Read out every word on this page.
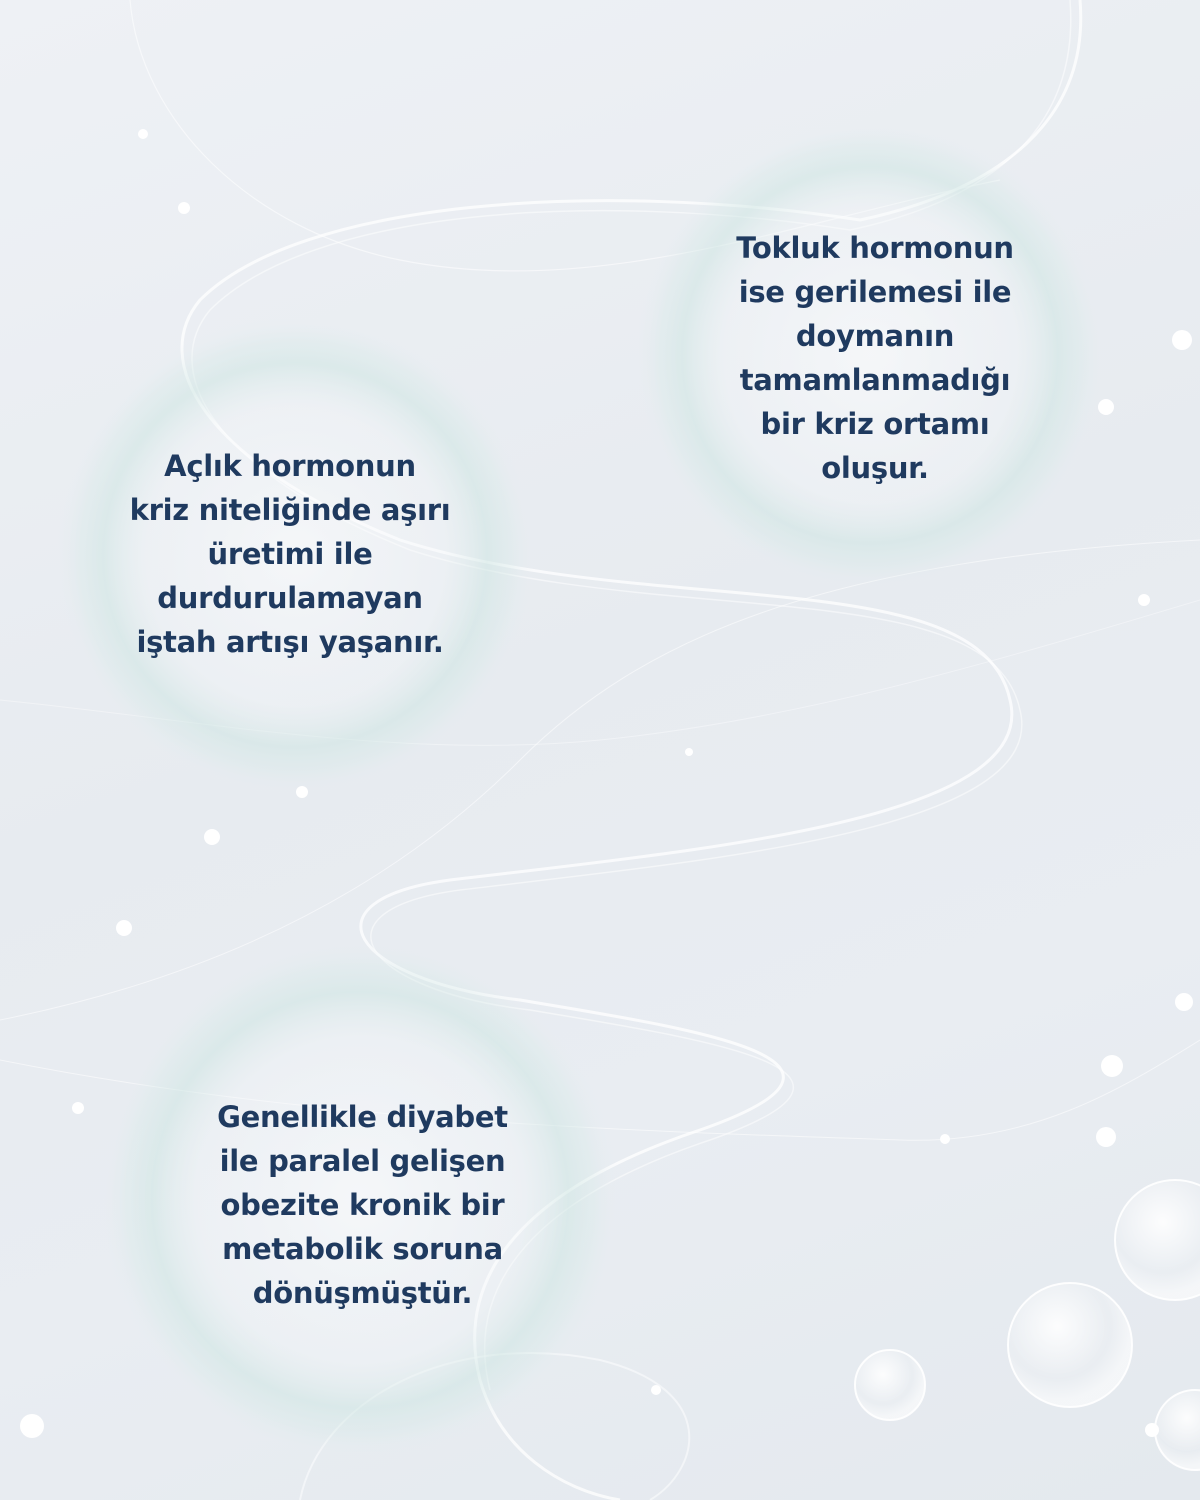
Tokluk hormonun
ise gerilemesi ile
doymanın
tamamlanmadığı
bir kriz ortamı
oluşur.
Açlık hormonun
kriz niteliğinde aşırı
üretimi ile
durdurulamayan
iştah artışı yaşanır.
Genellikle diyabet
ile paralel gelişen
obezite kronik bir
metabolik soruna
dönüşmüştür.
